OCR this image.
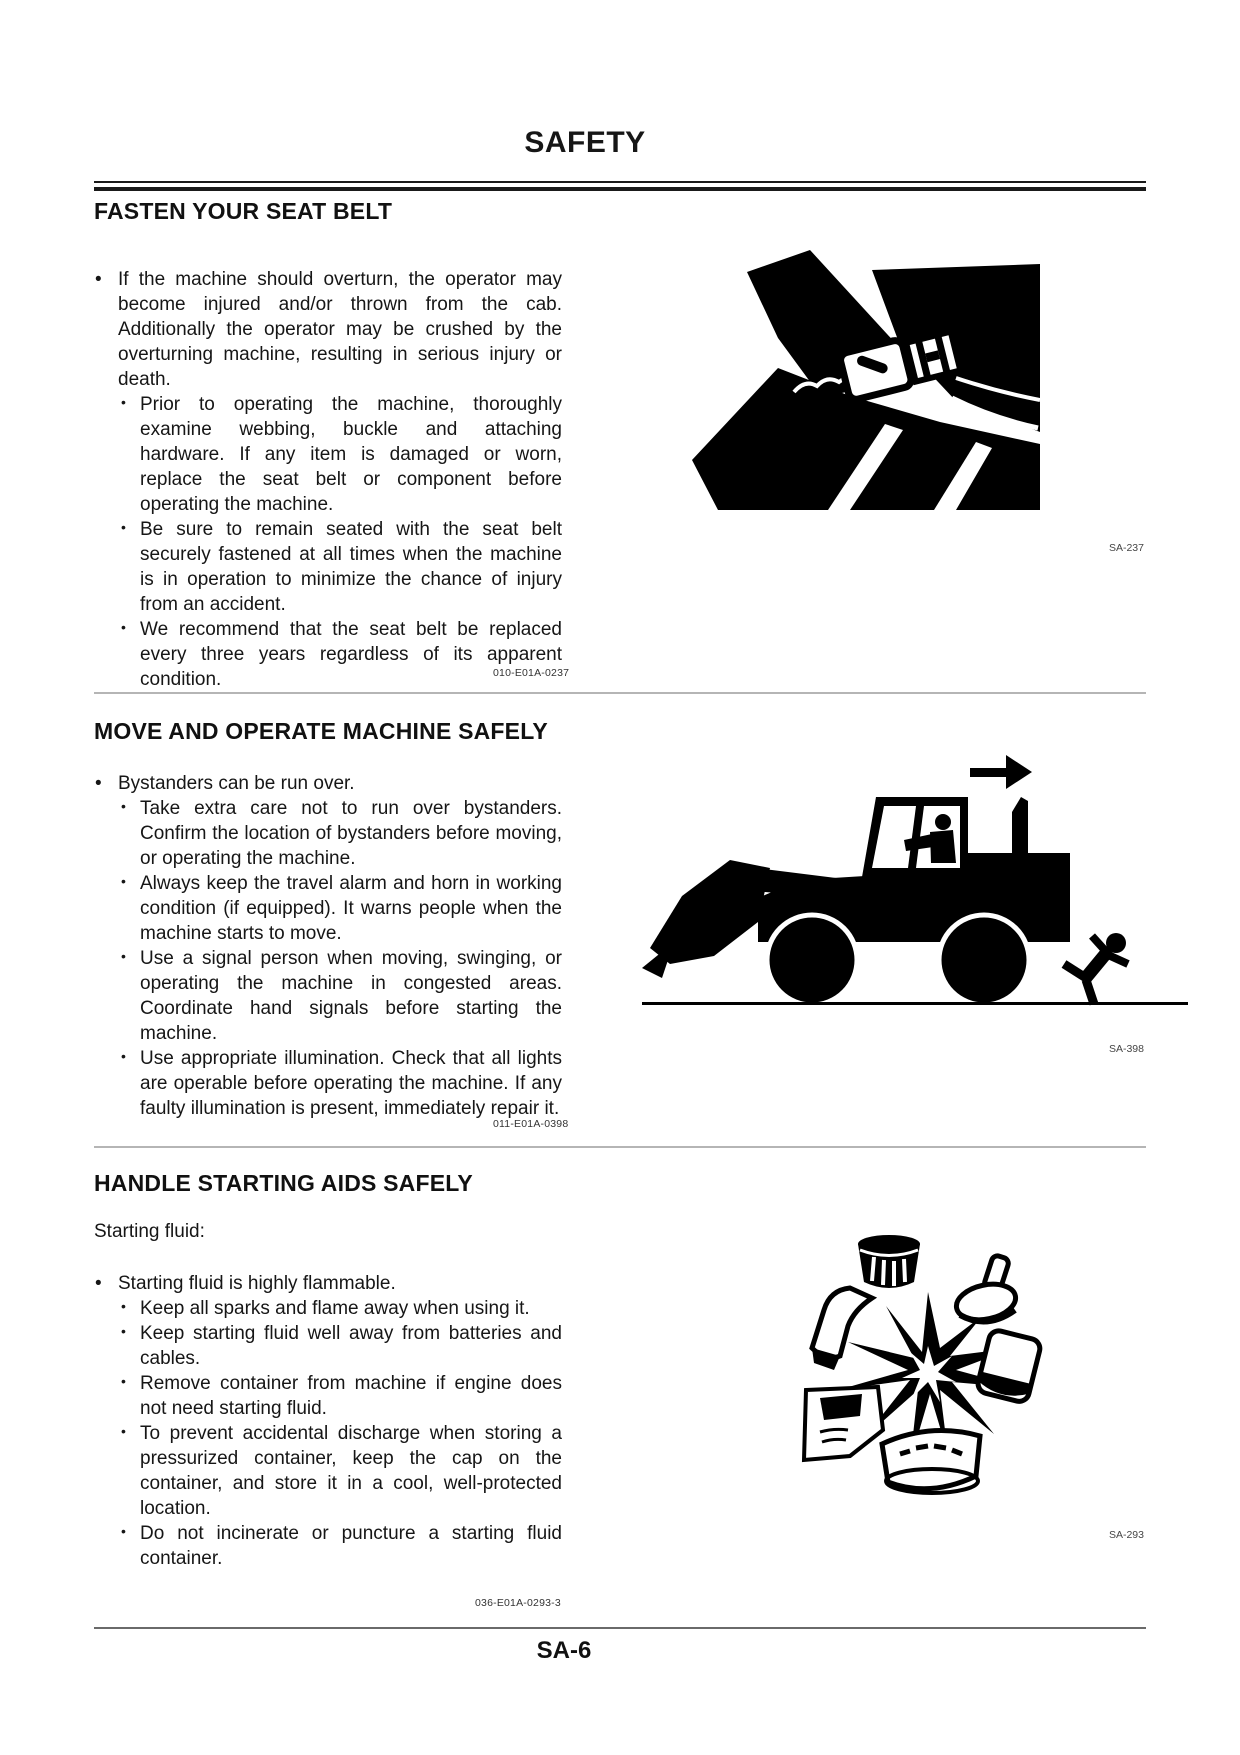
SAFETY
FASTEN YOUR SEAT BELT
• If the machine should overturn, the operator may become injured and/or thrown from the cab. Additionally the operator may be crushed by the overturning machine, resulting in serious injury or death.
• Prior to operating the machine, thoroughly examine webbing, buckle and attaching hardware. If any item is damaged or worn, replace the seat belt or component before operating the machine.
• Be sure to remain seated with the seat belt securely fastened at all times when the machine is in operation to minimize the chance of injury from an accident.
• We recommend that the seat belt be replaced every three years regardless of its apparent condition.
SA-237
010-E01A-0237
MOVE AND OPERATE MACHINE SAFELY
• Bystanders can be run over.
• Take extra care not to run over bystanders. Confirm the location of bystanders before moving, or operating the machine.
• Always keep the travel alarm and horn in working condition (if equipped). It warns people when the machine starts to move.
• Use a signal person when moving, swinging, or operating the machine in congested areas. Coordinate hand signals before starting the machine.
• Use appropriate illumination. Check that all lights are operable before operating the machine. If any faulty illumination is present, immediately repair it.
SA-398
011-E01A-0398
HANDLE STARTING AIDS SAFELY

Starting fluid:

• Starting fluid is highly flammable.
• Keep all sparks and flame away when using it.
• Keep starting fluid well away from batteries and cables.
• Remove container from machine if engine does not need starting fluid.
• To prevent accidental discharge when storing a pressurized container, keep the cap on the container, and store it in a cool, well-protected location.
• Do not incinerate or puncture a starting fluid container.
SA-293
036-E01A-0293-3
SA-6
